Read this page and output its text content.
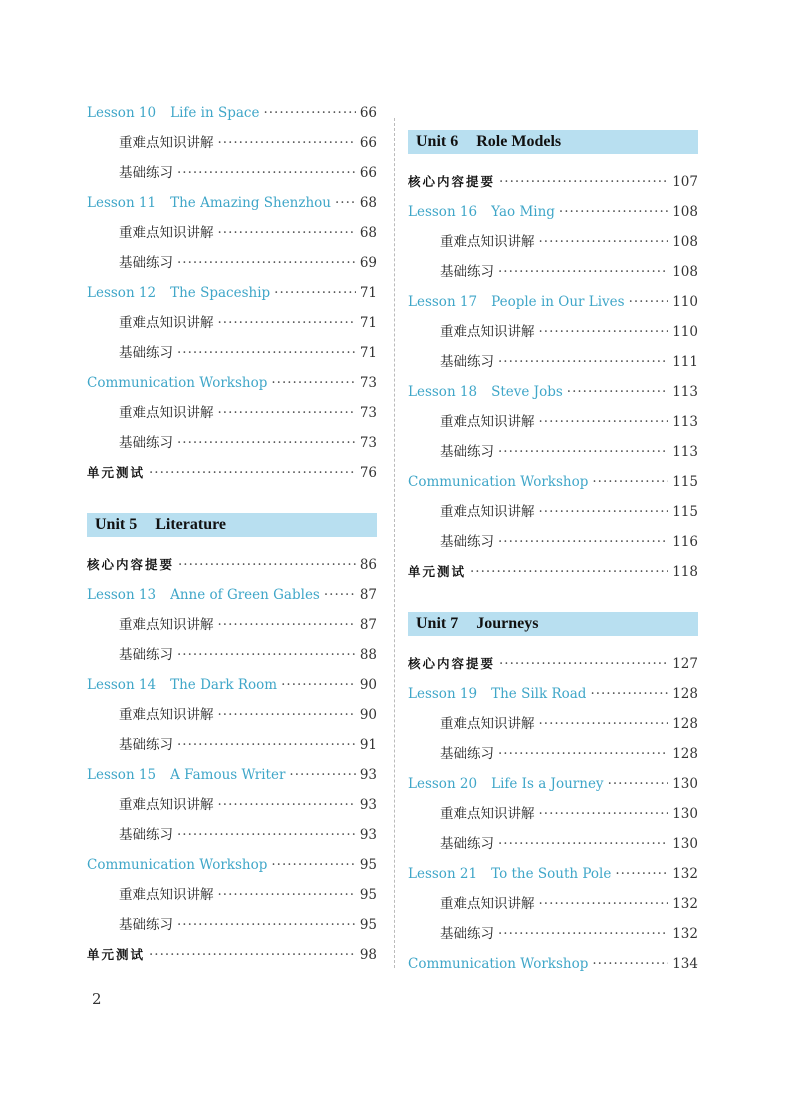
Lesson 10 Life in Space ·····	66
重难点知识讲解 ·····	66
基础练习 ·····	66
Lesson 11 The Amazing Shenzhou ····· 68
重难点知识讲解 ·····	68
基础练习 ·····	69
Lesson 12 The Spaceship ·····	71
重难点知识讲解 ·····	71
基础练习 ·····	71
Communication Workshop ·····	73
重难点知识讲解 ·····	73
基础练习 ·····	73
单元测试 ·····	76
Unit 5 Literature
核心内容提要 ·····	86
Lesson 13 Anne of Green Gables ·····	87
重难点知识讲解 ·····	87
基础练习 ·····	88
Lesson 14 The Dark Room ·····	90
重难点知识讲解 ·····	90
基础练习 ·····	91
Lesson 15 A Famous Writer ·····	93
重难点知识讲解 ·····	93
基础练习 ·····	93
Communication Workshop ·····	95
重难点知识讲解 ·····	95
基础练习 ·····	95
单元测试 ·····	98
Unit 6 Role Models
核心内容提要 ·····	107
Lesson 16 Yao Ming ·····	108
重难点知识讲解 ·····	108
基础练习 ·····	108
Lesson 17 People in Our Lives ·····	110
重难点知识讲解 ·····	110
基础练习 ·····	111
Lesson 18 Steve Jobs ·····	113
重难点知识讲解 ·····	113
基础练习 ·····	113
Communication Workshop ·····	115
重难点知识讲解 ·····	115
基础练习 ·····	116
单元测试 ·····	118
Unit 7 Journeys
核心内容提要 ·····	127
Lesson 19 The Silk Road ·····	128
重难点知识讲解 ·····	128
基础练习 ·····	128
Lesson 20 Life Is a Journey ·····	130
重难点知识讲解 ·····	130
基础练习 ·····	130
Lesson 21 To the South Pole ·····	132
重难点知识讲解 ·····	132
基础练习 ·····	132
Communication Workshop ·····	134
2
